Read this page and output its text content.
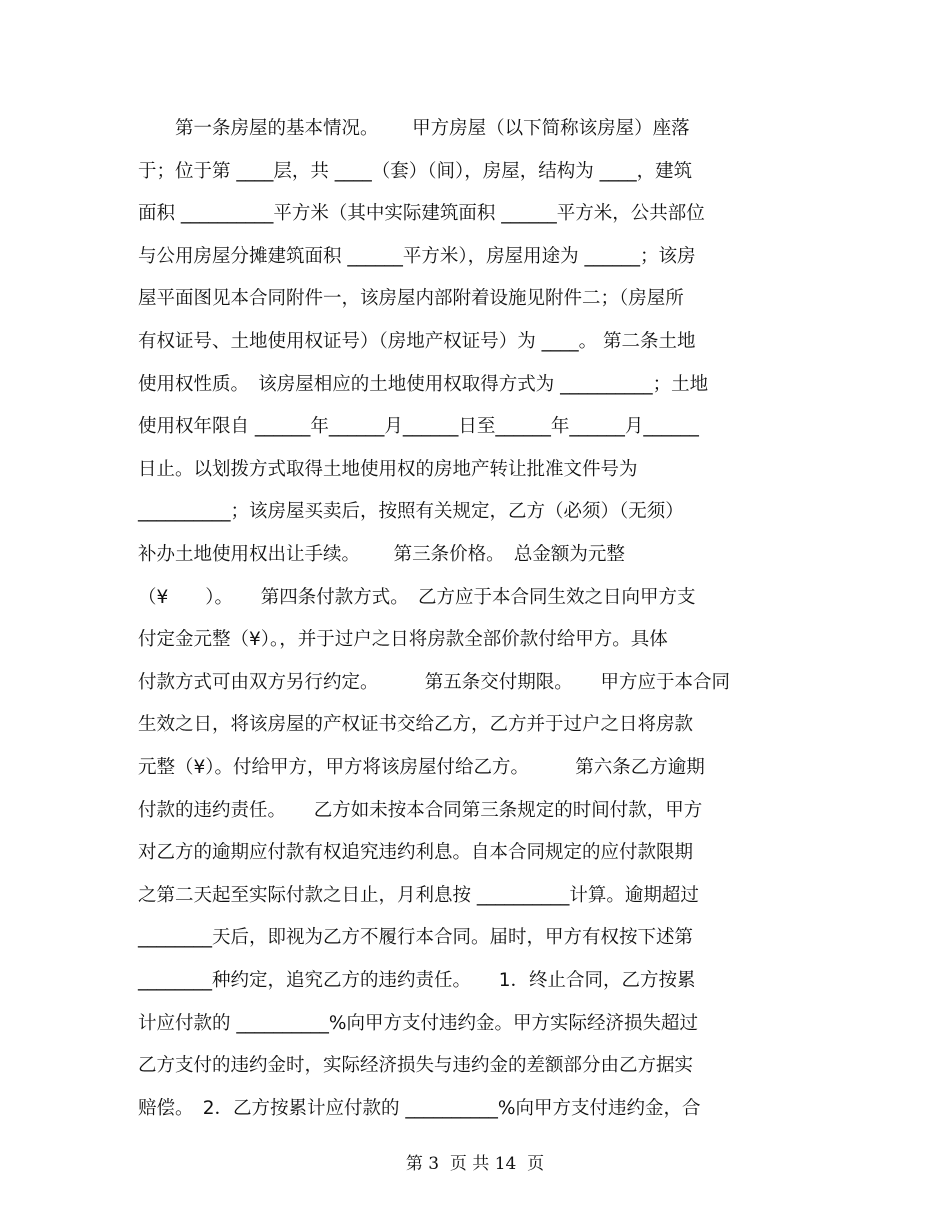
　　第一条房屋的基本情况。　　 甲方房屋（以下简称该房屋）座落
于；位于第 ____层，共 ____（套）（间），房屋，结构为 ____，建筑
面积 __________平方米（其中实际建筑面积 ______平方米，公共部位
与公用房屋分摊建筑面积 ______平方米），房屋用途为 ______；该房
屋平面图见本合同附件一，该房屋内部附着设施见附件二；（房屋所
有权证号、土地使用权证号）（房地产权证号）为 ____。 第二条土地
使用权性质。　该房屋相应的土地使用权取得方式为 __________；土地
使用权年限自 ______年______月______日至______年______月______
日止。以划拨方式取得土地使用权的房地产转让批准文件号为
__________；该房屋买卖后，按照有关规定，乙方（必须）（无须）
补办土地使用权出让手续。　　 第三条价格。　总金额为元整
（¥　　）。　　第四条付款方式。　乙方应于本合同生效之日向甲方支
付定金元整（¥）。，并于过户之日将房款全部价款付给甲方。具体
付款方式可由双方另行约定。　　　第五条交付期限。　　甲方应于本合同
生效之日，将该房屋的产权证书交给乙方，乙方并于过户之日将房款
元整（¥）。付给甲方，甲方将该房屋付给乙方。　　　第六条乙方逾期
付款的违约责任。　　乙方如未按本合同第三条规定的时间付款，甲方
对乙方的逾期应付款有权追究违约利息。自本合同规定的应付款限期
之第二天起至实际付款之日止，月利息按 __________计算。逾期超过
________天后，即视为乙方不履行本合同。届时，甲方有权按下述第
________种约定，追究乙方的违约责任。　　1．终止合同，乙方按累
计应付款的 __________%向甲方支付违约金。甲方实际经济损失超过
乙方支付的违约金时，实际经济损失与违约金的差额部分由乙方据实
赔偿。　2．乙方按累计应付款的 __________%向甲方支付违约金，合
第 3  页 共 14  页
